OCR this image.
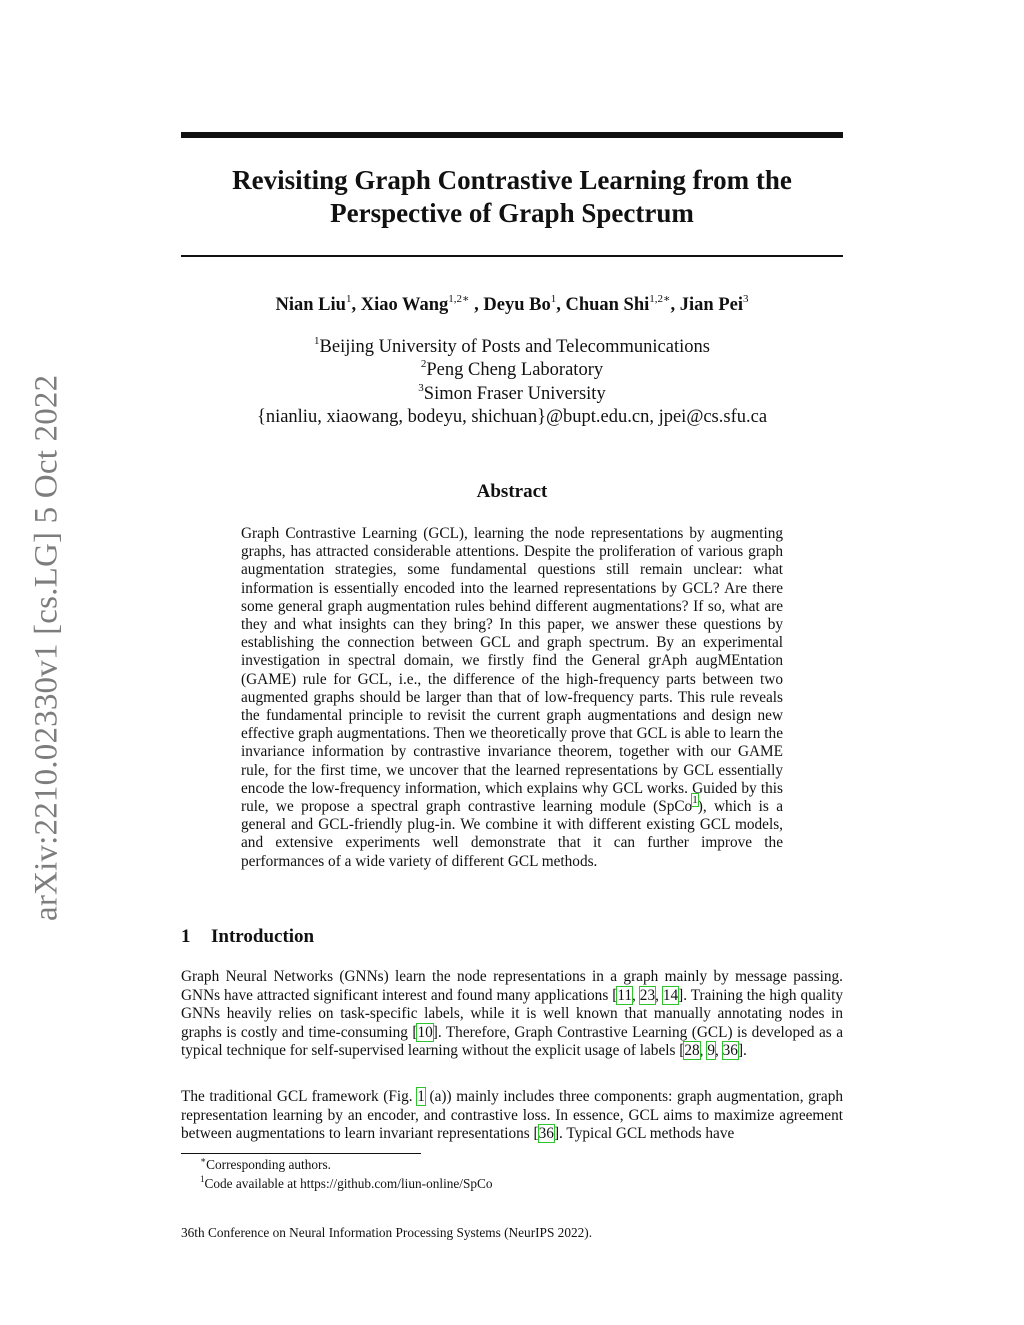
arXiv:2210.02330v1 [cs.LG] 5 Oct 2022
Revisiting Graph Contrastive Learning from the
Perspective of Graph Spectrum
Nian Liu$^1$, Xiao Wang$^{1,2∗}$ , Deyu Bo$^1$, Chuan Shi$^{1,2∗}$, Jian Pei$^3$
$^1$Beijing University of Posts and Telecommunications
$^2$Peng Cheng Laboratory
$^3$Simon Fraser University
{nianliu, xiaowang, bodeyu, shichuan}@bupt.edu.cn, jpei@cs.sfu.ca
Abstract
Graph Contrastive Learning (GCL), learning the node representations by augmenting graphs, has attracted considerable attentions. Despite the proliferation of various graph augmentation strategies, some fundamental questions still remain unclear: what information is essentially encoded into the learned representations by GCL? Are there some general graph augmentation rules behind different augmentations? If so, what are they and what insights can they bring? In this paper, we answer these questions by establishing the connection between GCL and graph spectrum. By an experimental investigation in spectral domain, we firstly find the General grAph augMEntation (GAME) rule for GCL, i.e., the difference of the high-frequency parts between two augmented graphs should be larger than that of low-frequency parts. This rule reveals the fundamental principle to revisit the current graph augmentations and design new effective graph augmentations. Then we theoretically prove that GCL is able to learn the invariance information by contrastive invariance theorem, together with our GAME rule, for the first time, we uncover that the learned representations by GCL essentially encode the low-frequency information, which explains why GCL works. Guided by this rule, we propose a spectral graph contrastive learning module (SpCo$^1$), which is a general and GCL-friendly plug-in. We combine it with different existing GCL models, and extensive experiments well demonstrate that it can further improve the performances of a wide variety of different GCL methods.
1 Introduction
Graph Neural Networks (GNNs) learn the node representations in a graph mainly by message passing. GNNs have attracted significant interest and found many applications [11, 23, 14]. Training the high quality GNNs heavily relies on task-specific labels, while it is well known that manually annotating nodes in graphs is costly and time-consuming [10]. Therefore, Graph Contrastive Learning (GCL) is developed as a typical technique for self-supervised learning without the explicit usage of labels [28, 9, 36].
The traditional GCL framework (Fig. 1 (a)) mainly includes three components: graph augmentation, graph representation learning by an encoder, and contrastive loss. In essence, GCL aims to maximize agreement between augmentations to learn invariant representations [36]. Typical GCL methods have
∗Corresponding authors.
$^1$Code available at https://github.com/liun-online/SpCo
36th Conference on Neural Information Processing Systems (NeurIPS 2022).
